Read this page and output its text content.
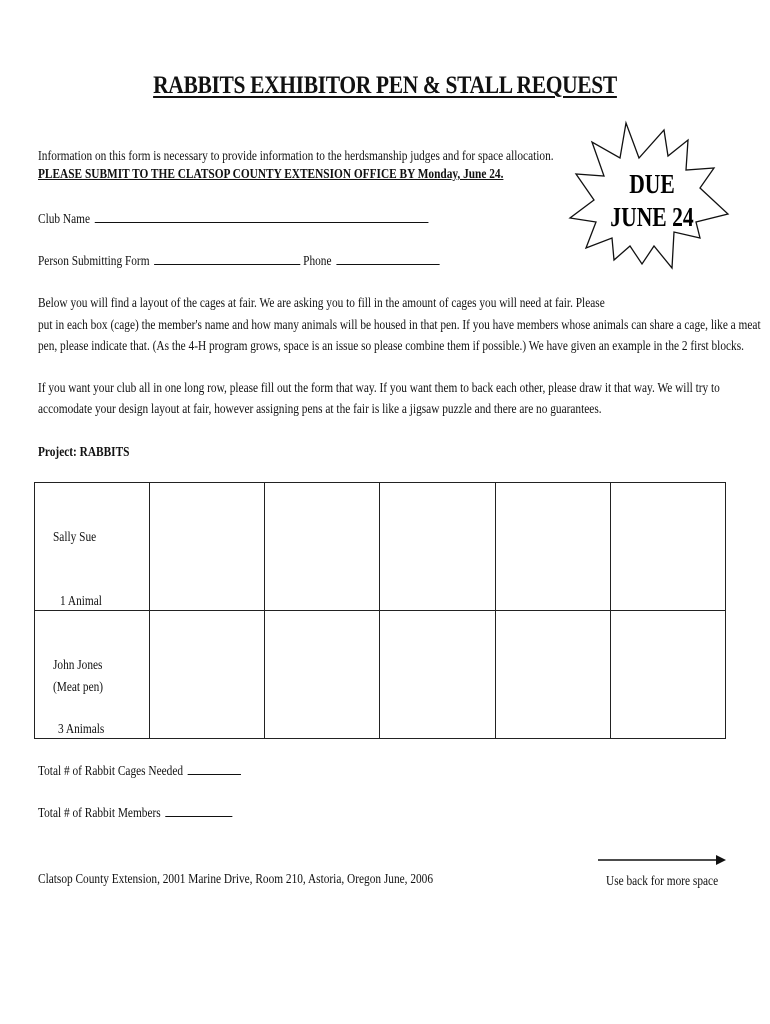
RABBITS EXHIBITOR PEN & STALL REQUEST
Information on this form is necessary to provide information to the herdsmanship judges and for space allocation.
PLEASE SUBMIT TO THE CLATSOP COUNTY EXTENSION OFFICE BY Monday, June 24.	DUE
JUNE 24
Club Name
Person Submitting Form	Phone
Below you will find a layout of the cages at fair. We are asking you to fill in the amount of cages you will need at fair. Please
put in each box (cage) the member's name and how many animals will be housed in that pen. If you have members whose animals can share a cage, like a meat
pen, please indicate that. (As the 4-H program grows, space is an issue so please combine them if possible.) We have given an example in the 2 first blocks.
If you want your club all in one long row, please fill out the form that way. If you want them to back each other, please draw it that way. We will try to
accomodate your design layout at fair, however assigning pens at the fair is like a jigsaw puzzle and there are no guarantees.
Project: RABBITS
Sally Sue
1 Animal					

John Jones
(Meat pen)
3 Animals					

Total # of Rabbit Cages Needed
Total # of Rabbit Members
Clatsop County Extension, 2001 Marine Drive, Room 210, Astoria, Oregon June, 2006	Use back for more space
